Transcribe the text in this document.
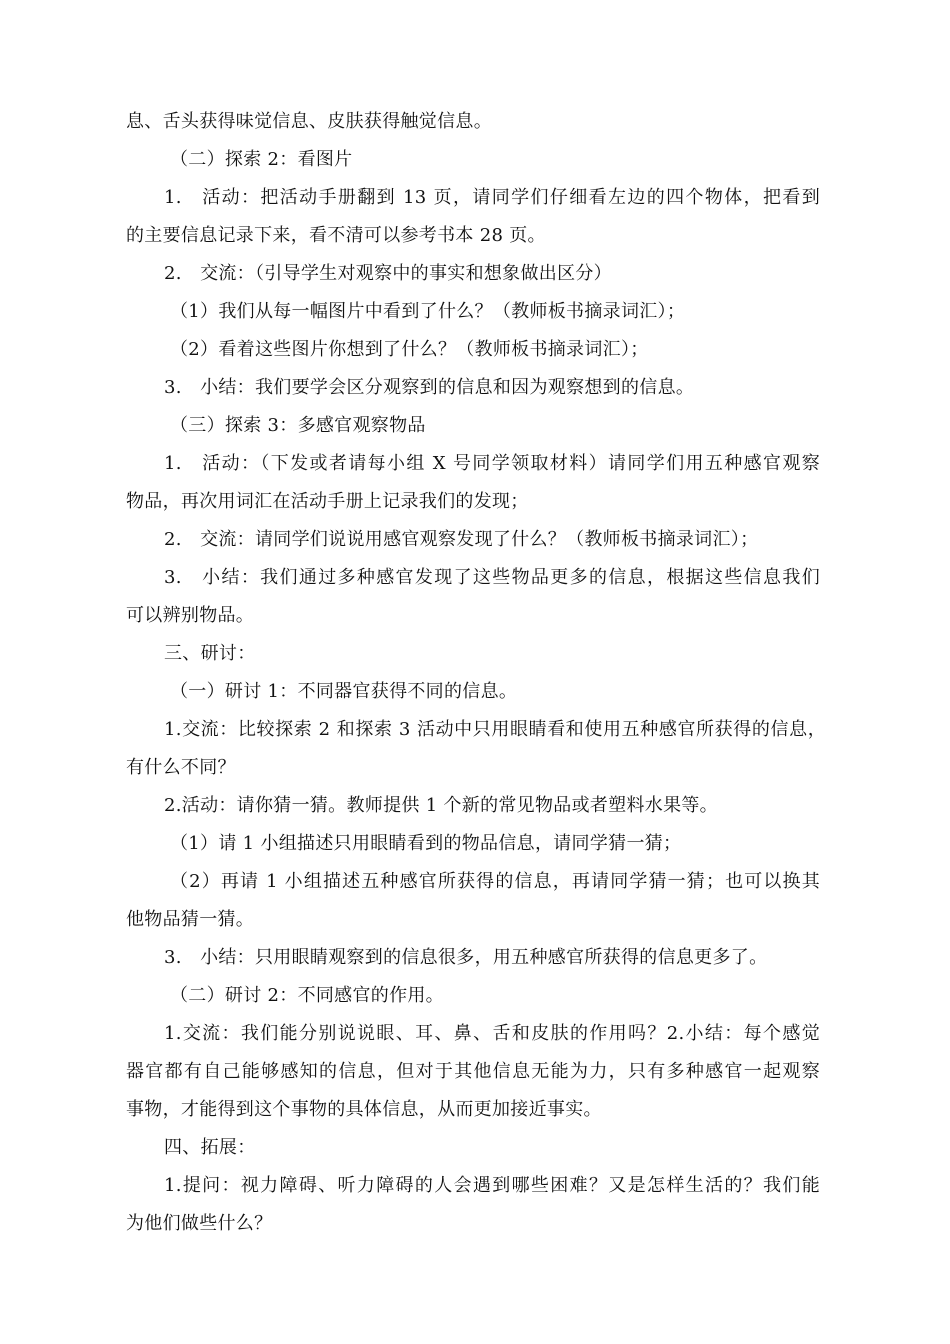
息、舌头获得味觉信息、皮肤获得触觉信息。
（二）探索 2：看图片
1.　活动：把活动手册翻到 13 页，请同学们仔细看左边的四个物体，把看到
的主要信息记录下来，看不清可以参考书本 28 页。
2.　交流：（引导学生对观察中的事实和想象做出区分）
（1）我们从每一幅图片中看到了什么？（教师板书摘录词汇）；
（2）看着这些图片你想到了什么？（教师板书摘录词汇）；
3.　小结：我们要学会区分观察到的信息和因为观察想到的信息。
（三）探索 3：多感官观察物品
1.　活动：（下发或者请每小组 X 号同学领取材料）请同学们用五种感官观察
物品，再次用词汇在活动手册上记录我们的发现；
2.　交流：请同学们说说用感官观察发现了什么？（教师板书摘录词汇）；
3.　小结：我们通过多种感官发现了这些物品更多的信息，根据这些信息我们
可以辨别物品。
三、研讨：
（一）研讨 1：不同器官获得不同的信息。
1.交流：比较探索 2 和探索 3 活动中只用眼睛看和使用五种感官所获得的信息，
有什么不同？
2.活动：请你猜一猜。教师提供 1 个新的常见物品或者塑料水果等。
（1）请 1 小组描述只用眼睛看到的物品信息，请同学猜一猜；
（2）再请 1 小组描述五种感官所获得的信息，再请同学猜一猜；也可以换其
他物品猜一猜。
3.　小结：只用眼睛观察到的信息很多，用五种感官所获得的信息更多了。
（二）研讨 2：不同感官的作用。
1.交流：我们能分别说说眼、耳、鼻、舌和皮肤的作用吗？2.小结：每个感觉
器官都有自己能够感知的信息，但对于其他信息无能为力，只有多种感官一起观察
事物，才能得到这个事物的具体信息，从而更加接近事实。
四、拓展：
1.提问：视力障碍、听力障碍的人会遇到哪些困难？又是怎样生活的？我们能
为他们做些什么？
